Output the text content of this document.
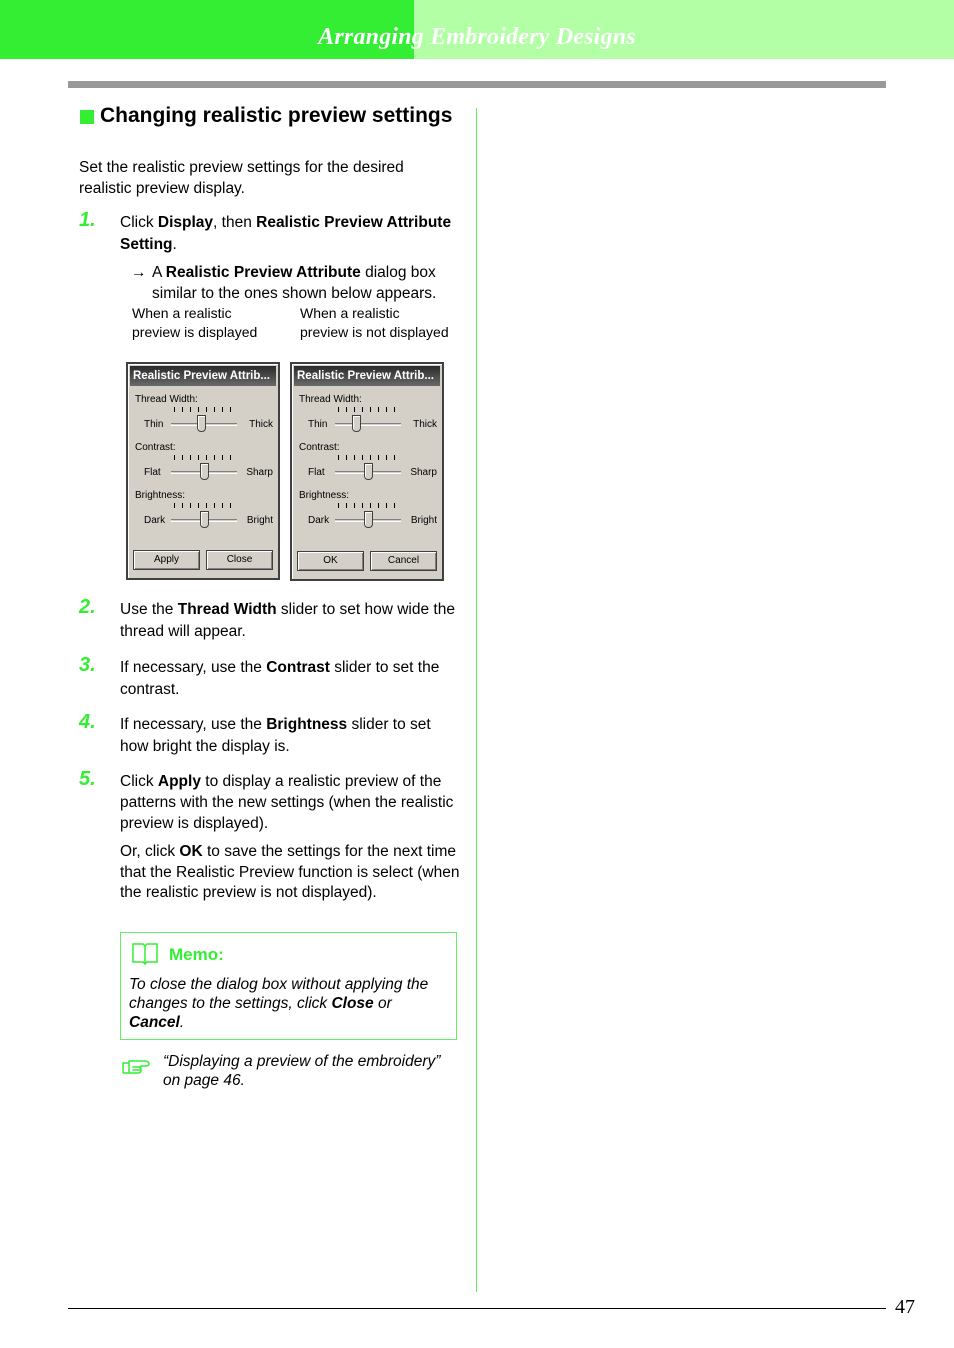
Arranging Embroidery Designs
Changing realistic preview settings
Set the realistic preview settings for the desired realistic preview display.
1. Click Display, then Realistic Preview Attribute Setting.
→ A Realistic Preview Attribute dialog box similar to the ones shown below appears.
When a realistic preview is displayed
When a realistic preview is not displayed
Realistic Preview Attrib...
Thread Width:
Thin	Thick
Contrast:
Flat	Sharp
Brightness:
Dark	Bright
Apply	Close
Realistic Preview Attrib...
Thread Width:
Thin	Thick
Contrast:
Flat	Sharp
Brightness:
Dark	Bright
OK	Cancel
2. Use the Thread Width slider to set how wide the thread will appear.
3. If necessary, use the Contrast slider to set the contrast.
4. If necessary, use the Brightness slider to set how bright the display is.
5. Click Apply to display a realistic preview of the patterns with the new settings (when the realistic preview is displayed).
Or, click OK to save the settings for the next time that the Realistic Preview function is select (when the realistic preview is not displayed).
Memo:
To close the dialog box without applying the changes to the settings, click Close or Cancel.
“Displaying a preview of the embroidery” on page 46.
47
